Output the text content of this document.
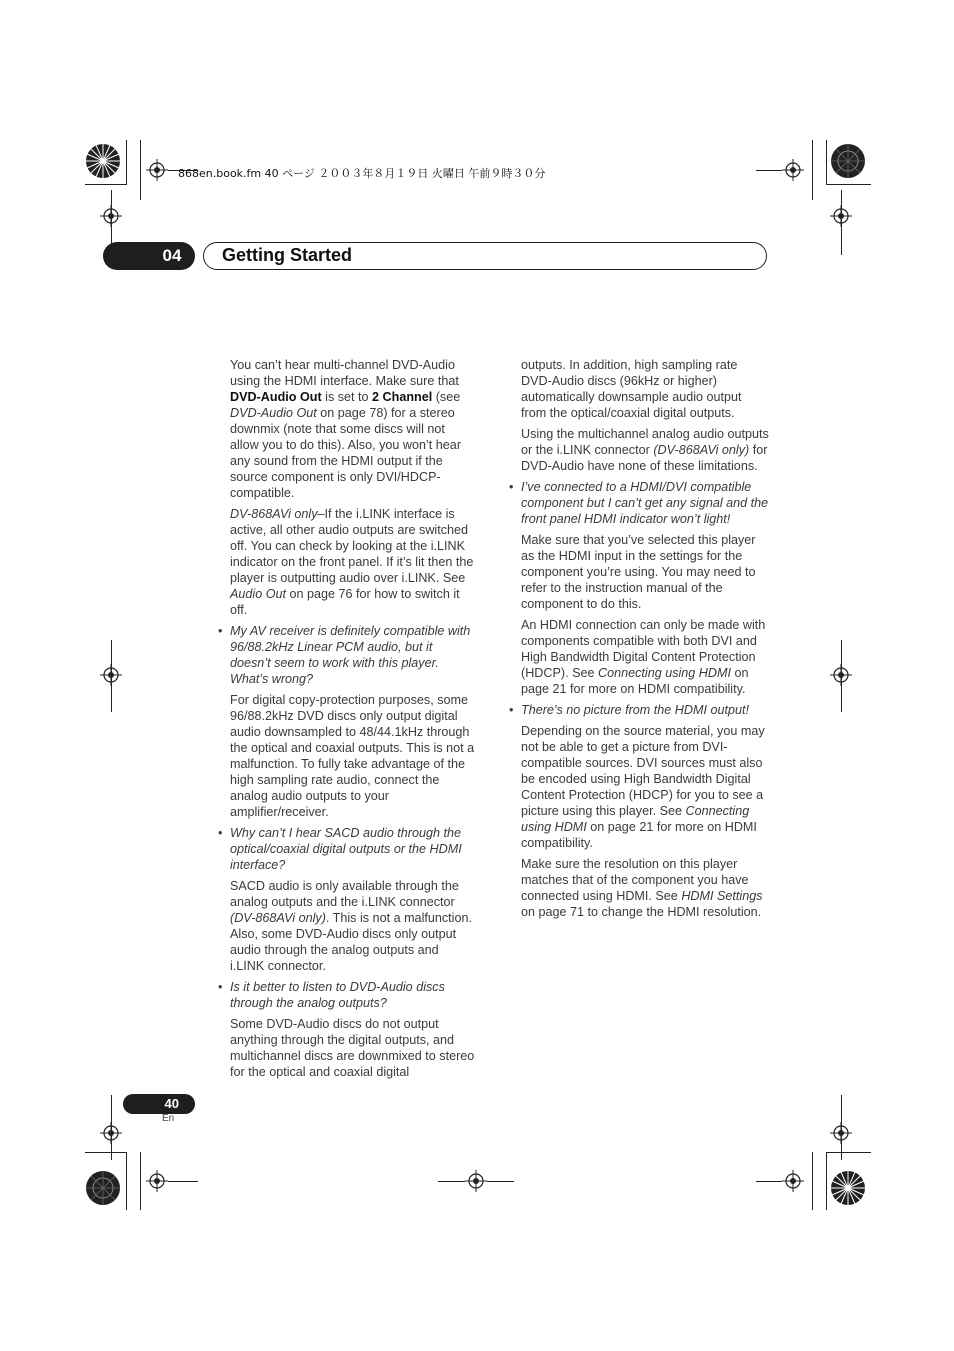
868en.book.fm 40 ページ ２００３年８月１９日 火曜日 午前９時３０分
04	Getting Started

You can’t hear multi-channel DVD-Audio using the HDMI interface. Make sure that DVD-Audio Out is set to 2 Channel (see DVD-Audio Out on page 78) for a stereo downmix (note that some discs will not allow you to do this). Also, you won’t hear any sound from the HDMI output if the source component is only DVI/HDCP-compatible.

DV-868AVi only–If the i.LINK interface is active, all other audio outputs are switched off. You can check by looking at the i.LINK indicator on the front panel. If it’s lit then the player is outputting audio over i.LINK. See Audio Out on page 76 for how to switch it off.

• My AV receiver is definitely compatible with 96/88.2kHz Linear PCM audio, but it doesn’t seem to work with this player. What’s wrong?

For digital copy-protection purposes, some 96/88.2kHz DVD discs only output digital audio downsampled to 48/44.1kHz through the optical and coaxial outputs. This is not a malfunction. To fully take advantage of the high sampling rate audio, connect the analog audio outputs to your amplifier/receiver.

• Why can’t I hear SACD audio through the optical/coaxial digital outputs or the HDMI interface?

SACD audio is only available through the analog outputs and the i.LINK connector (DV-868AVi only). This is not a malfunction. Also, some DVD-Audio discs only output audio through the analog outputs and i.LINK connector.

• Is it better to listen to DVD-Audio discs through the analog outputs?

Some DVD-Audio discs do not output anything through the digital outputs, and multichannel discs are downmixed to stereo for the optical and coaxial digital

outputs. In addition, high sampling rate DVD-Audio discs (96kHz or higher) automatically downsample audio output from the optical/coaxial digital outputs.

Using the multichannel analog audio outputs or the i.LINK connector (DV-868AVi only) for DVD-Audio have none of these limitations.

• I’ve connected to a HDMI/DVI compatible component but I can’t get any signal and the front panel HDMI indicator won’t light!

Make sure that you’ve selected this player as the HDMI input in the settings for the component you’re using. You may need to refer to the instruction manual of the component to do this.

An HDMI connection can only be made with components compatible with both DVI and High Bandwidth Digital Content Protection (HDCP). See Connecting using HDMI on page 21 for more on HDMI compatibility.

• There’s no picture from the HDMI output!

Depending on the source material, you may not be able to get a picture from DVI-compatible sources. DVI sources must also be encoded using High Bandwidth Digital Content Protection (HDCP) for you to see a picture using this player. See Connecting using HDMI on page 21 for more on HDMI compatibility.

Make sure the resolution on this player matches that of the component you have connected using HDMI. See HDMI Settings on page 71 to change the HDMI resolution.

40
En
